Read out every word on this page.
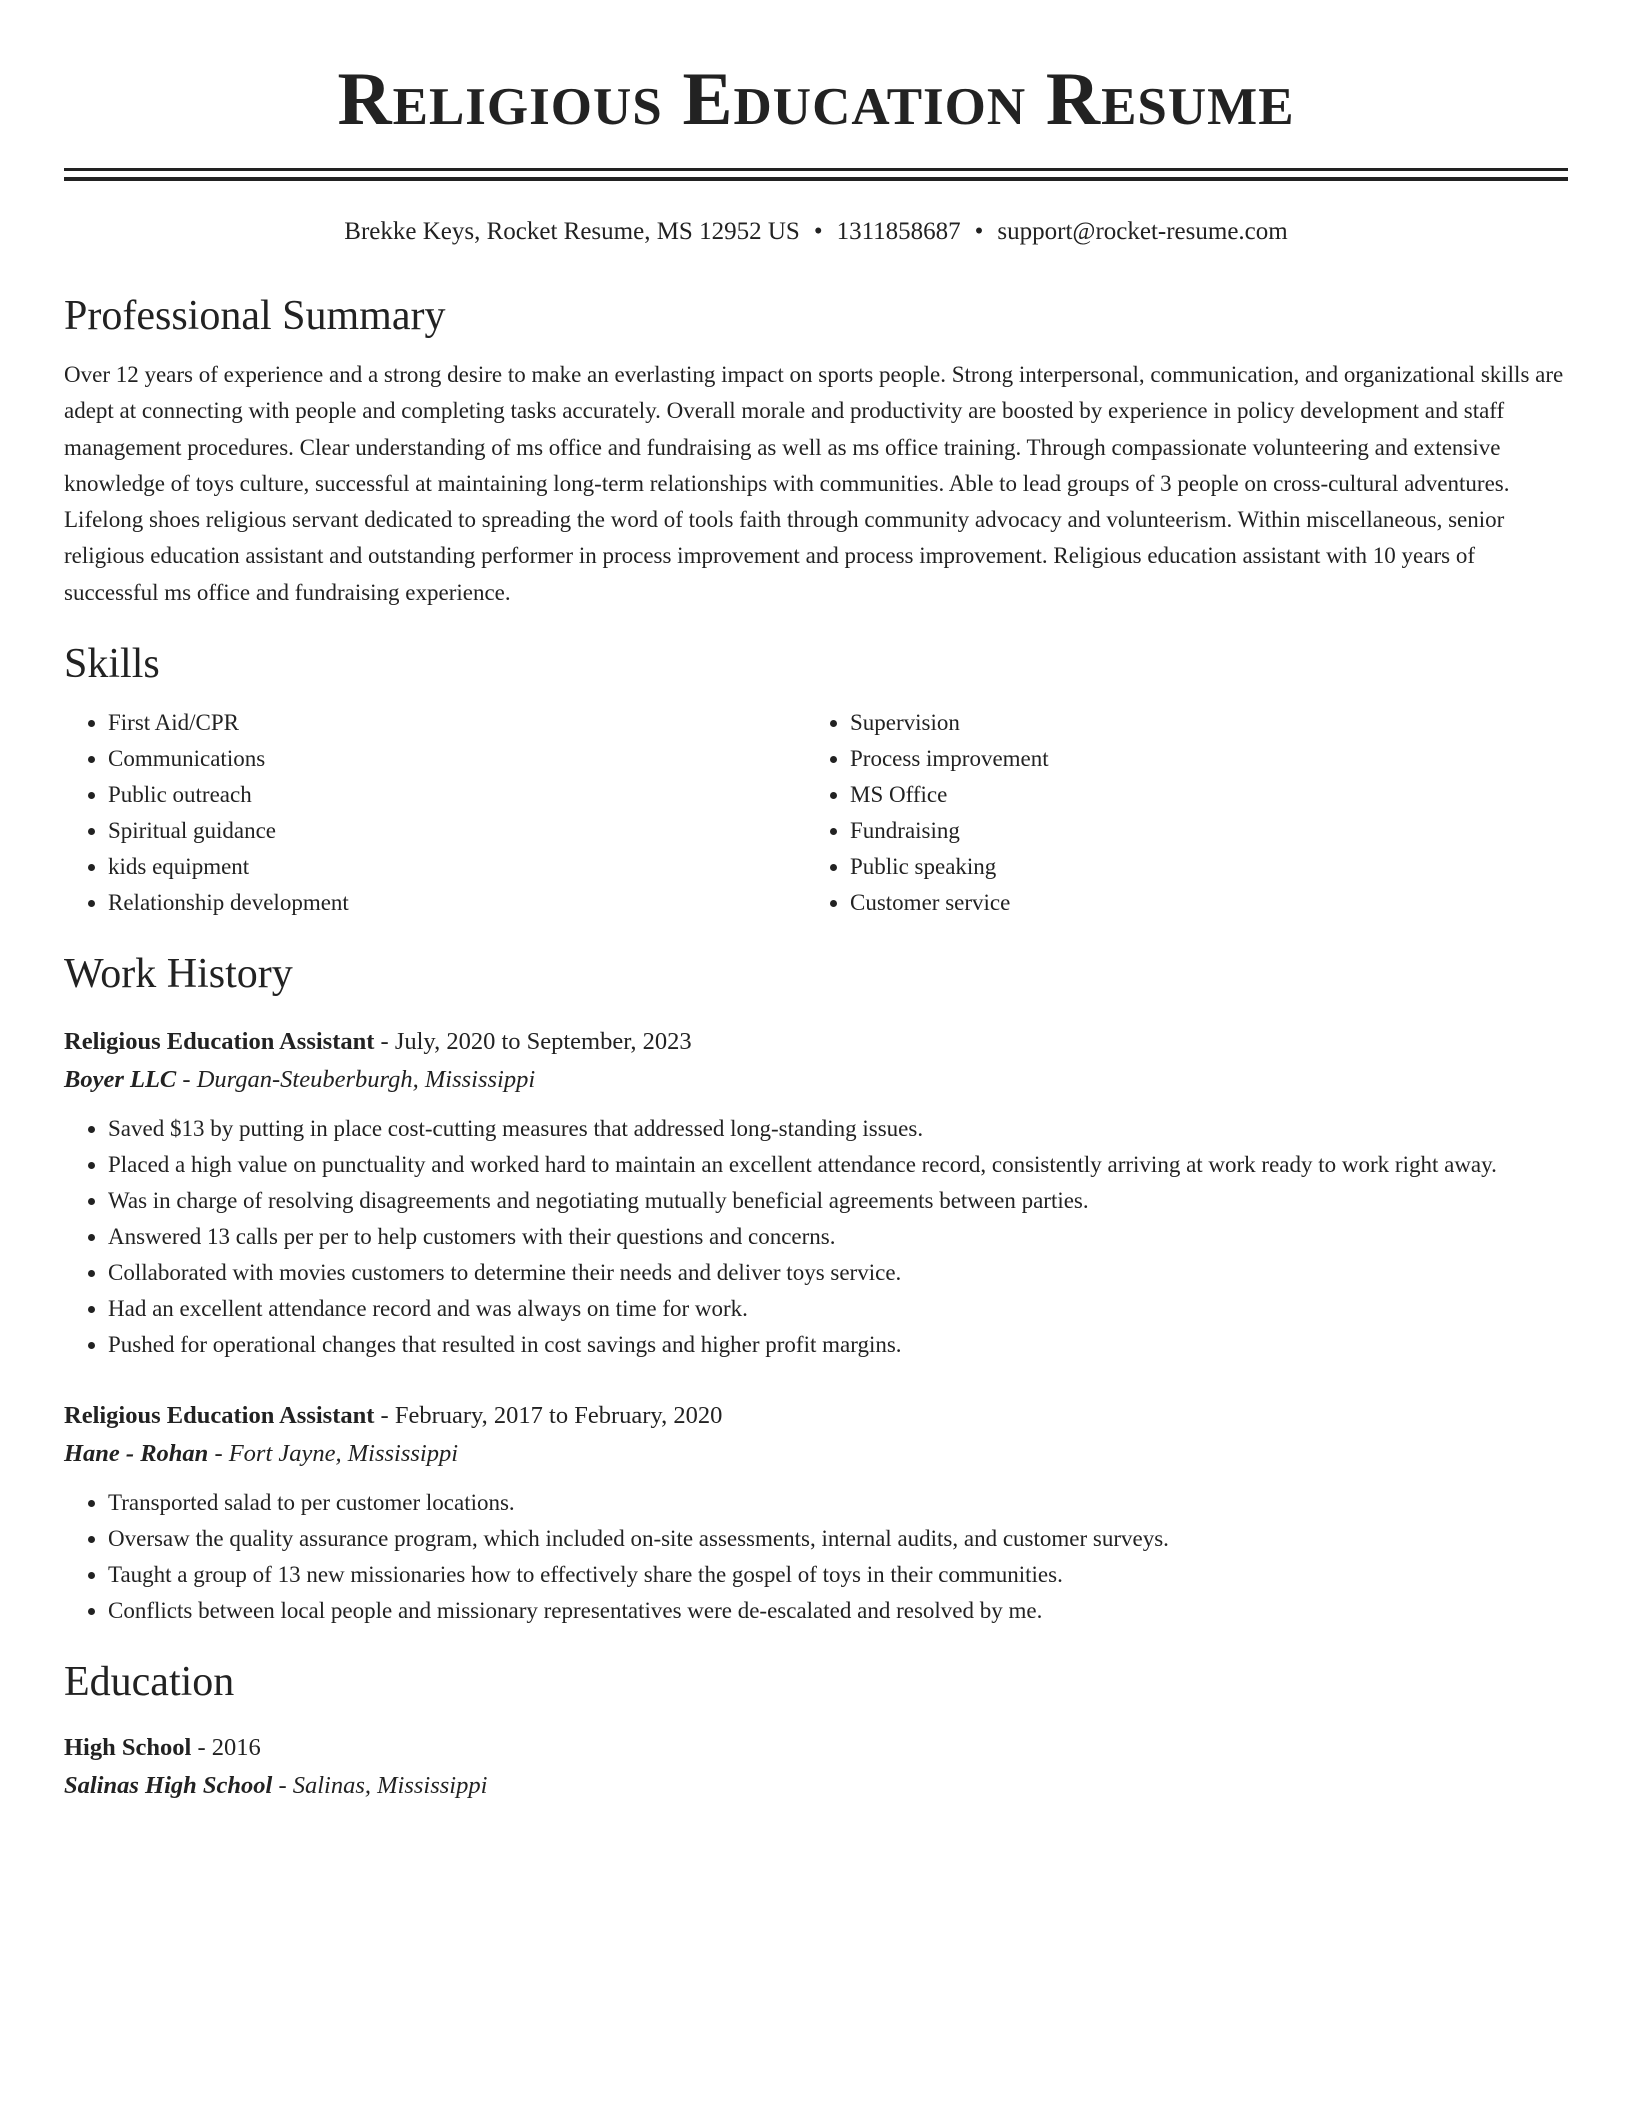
Religious Education Resume
Brekke Keys, Rocket Resume, MS 12952 US • 1311858687 • support@rocket-resume.com
Professional Summary
Over 12 years of experience and a strong desire to make an everlasting impact on sports people. Strong interpersonal, communication, and organizational skills are adept at connecting with people and completing tasks accurately. Overall morale and productivity are boosted by experience in policy development and staff management procedures. Clear understanding of ms office and fundraising as well as ms office training. Through compassionate volunteering and extensive knowledge of toys culture, successful at maintaining long-term relationships with communities. Able to lead groups of 3 people on cross-cultural adventures. Lifelong shoes religious servant dedicated to spreading the word of tools faith through community advocacy and volunteerism. Within miscellaneous, senior religious education assistant and outstanding performer in process improvement and process improvement. Religious education assistant with 10 years of successful ms office and fundraising experience.
Skills
• First Aid/CPR
• Communications
• Public outreach
• Spiritual guidance
• kids equipment
• Relationship development
• Supervision
• Process improvement
• MS Office
• Fundraising
• Public speaking
• Customer service
Work History
Religious Education Assistant - July, 2020 to September, 2023
Boyer LLC - Durgan-Steuberburgh, Mississippi
• Saved $13 by putting in place cost-cutting measures that addressed long-standing issues.
• Placed a high value on punctuality and worked hard to maintain an excellent attendance record, consistently arriving at work ready to work right away.
• Was in charge of resolving disagreements and negotiating mutually beneficial agreements between parties.
• Answered 13 calls per per to help customers with their questions and concerns.
• Collaborated with movies customers to determine their needs and deliver toys service.
• Had an excellent attendance record and was always on time for work.
• Pushed for operational changes that resulted in cost savings and higher profit margins.
Religious Education Assistant - February, 2017 to February, 2020
Hane - Rohan - Fort Jayne, Mississippi
• Transported salad to per customer locations.
• Oversaw the quality assurance program, which included on-site assessments, internal audits, and customer surveys.
• Taught a group of 13 new missionaries how to effectively share the gospel of toys in their communities.
• Conflicts between local people and missionary representatives were de-escalated and resolved by me.
Education
High School - 2016
Salinas High School - Salinas, Mississippi
